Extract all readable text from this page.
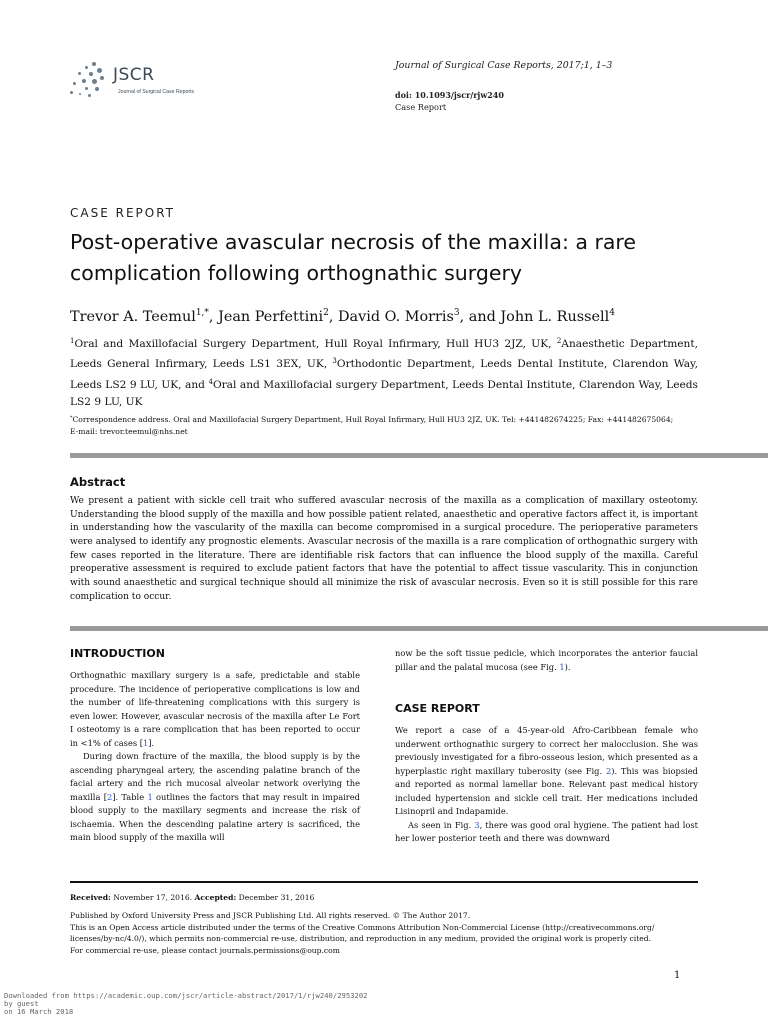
JSCR
Journal of Surgical Case Reports
Journal of Surgical Case Reports, 2017;1, 1–3
doi: 10.1093/jscr/rjw240
Case Report
CASE REPORT
Post-operative avascular necrosis of the maxilla: a rare complication following orthognathic surgery
Trevor A. Teemul$^{1,*}$, Jean Perfettini$^2$, David O. Morris$^3$, and John L. Russell$^4$
$^1$Oral and Maxillofacial Surgery Department, Hull Royal Infirmary, Hull HU3 2JZ, UK, $^2$Anaesthetic Department, Leeds General Infirmary, Leeds LS1 3EX, UK, $^3$Orthodontic Department, Leeds Dental Institute, Clarendon Way, Leeds LS2 9 LU, UK, and $^4$Oral and Maxillofacial surgery Department, Leeds Dental Institute, Clarendon Way, Leeds LS2 9 LU, UK
*Correspondence address. Oral and Maxillofacial Surgery Department, Hull Royal Infirmary, Hull HU3 2JZ, UK. Tel: +441482674225; Fax: +441482675064;
E-mail: trevor.teemul@nhs.net
Abstract
We present a patient with sickle cell trait who suffered avascular necrosis of the maxilla as a complication of maxillary osteotomy. Understanding the blood supply of the maxilla and how possible patient related, anaesthetic and operative factors affect it, is important in understanding how the vascularity of the maxilla can become compromised in a surgical procedure. The perioperative parameters were analysed to identify any prognostic elements. Avascular necrosis of the maxilla is a rare complication of orthognathic surgery with few cases reported in the literature. There are identifiable risk factors that can influence the blood supply of the maxilla. Careful preoperative assessment is required to exclude patient factors that have the potential to affect tissue vascularity. This in conjunction with sound anaesthetic and surgical technique should all minimize the risk of avascular necrosis. Even so it is still possible for this rare complication to occur.
INTRODUCTION

Orthognathic maxillary surgery is a safe, predictable and stable procedure. The incidence of perioperative complications is low and the number of life-threatening complications with this surgery is even lower. However, avascular necrosis of the maxilla after Le Fort I osteotomy is a rare complication that has been reported to occur in <1% of cases [1].

During down fracture of the maxilla, the blood supply is by the ascending pharyngeal artery, the ascending palatine branch of the facial artery and the rich mucosal alveolar network overlying the maxilla [2]. Table 1 outlines the factors that may result in impaired blood supply to the maxillary segments and increase the risk of ischaemia. When the descending palatine artery is sacrificed, the main blood supply of the maxilla will

now be the soft tissue pedicle, which incorporates the anterior faucial pillar and the palatal mucosa (see Fig. 1).

CASE REPORT

We report a case of a 45-year-old Afro-Caribbean female who underwent orthognathic surgery to correct her malocclusion. She was previously investigated for a fibro-osseous lesion, which presented as a hyperplastic right maxillary tuberosity (see Fig. 2). This was biopsied and reported as normal lamellar bone. Relevant past medical history included hypertension and sickle cell trait. Her medications included Lisinopril and Indapamide.

As seen in Fig. 3, there was good oral hygiene. The patient had lost her lower posterior teeth and there was downward

Received: November 17, 2016. Accepted: December 31, 2016

Published by Oxford University Press and JSCR Publishing Ltd. All rights reserved. © The Author 2017.

This is an Open Access article distributed under the terms of the Creative Commons Attribution Non-Commercial License (http://creativecommons.org/

licenses/by-nc/4.0/), which permits non-commercial re-use, distribution, and reproduction in any medium, provided the original work is properly cited.

For commercial re-use, please contact journals.permissions@oup.com

1
Downloaded from https://academic.oup.com/jscr/article-abstract/2017/1/rjw240/2953202
by guest
on 16 March 2018
